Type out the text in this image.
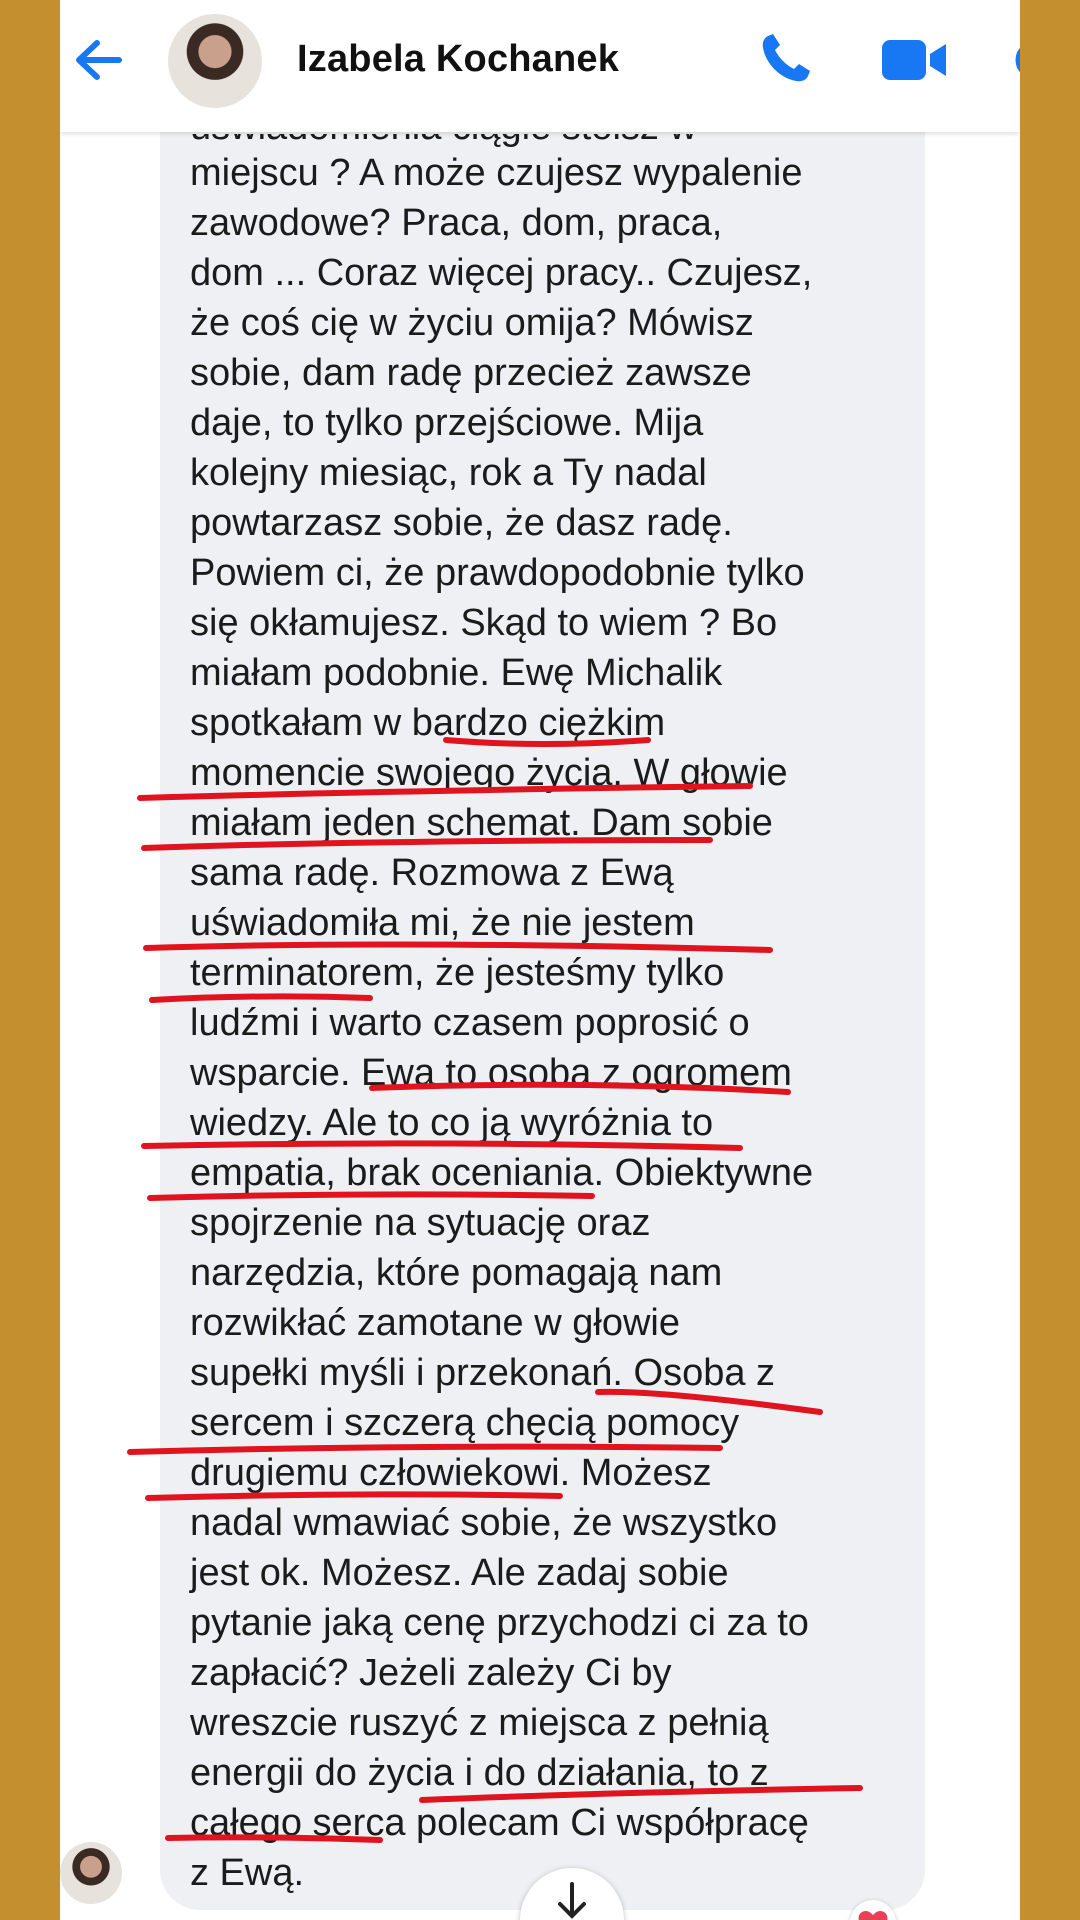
miejscu ? A może czujesz wypalenie
zawodowe? Praca, dom, praca,
dom ... Coraz więcej pracy.. Czujesz,
że coś cię w życiu omija? Mówisz
sobie, dam radę przecież zawsze
daje, to tylko przejściowe. Mija
kolejny miesiąc, rok a Ty nadal
powtarzasz sobie, że dasz radę.
Powiem ci, że prawdopodobnie tylko
się okłamujesz. Skąd to wiem ? Bo
miałam podobnie. Ewę Michalik
spotkałam w bardzo ciężkim
momencie swojego życia. W głowie
miałam jeden schemat. Dam sobie
sama radę. Rozmowa z Ewą
uświadomiła mi, że nie jestem
terminatorem, że jesteśmy tylko
ludźmi i warto czasem poprosić o
wsparcie. Ewa to osoba z ogromem
wiedzy. Ale to co ją wyróżnia to
empatia, brak oceniania. Obiektywne
spojrzenie na sytuację oraz
narzędzia, które pomagają nam
rozwikłać zamotane w głowie
supełki myśli i przekonań. Osoba z
sercem i szczerą chęcią pomocy
drugiemu człowiekowi. Możesz
nadal wmawiać sobie, że wszystko
jest ok. Możesz. Ale zadaj sobie
pytanie jaką cenę przychodzi ci za to
zapłacić? Jeżeli zależy Ci by
wreszcie ruszyć z miejsca z pełnią
energii do życia i do działania, to z
całego serca polecam Ci współpracę
z Ewą.
Izabela Kochanek
